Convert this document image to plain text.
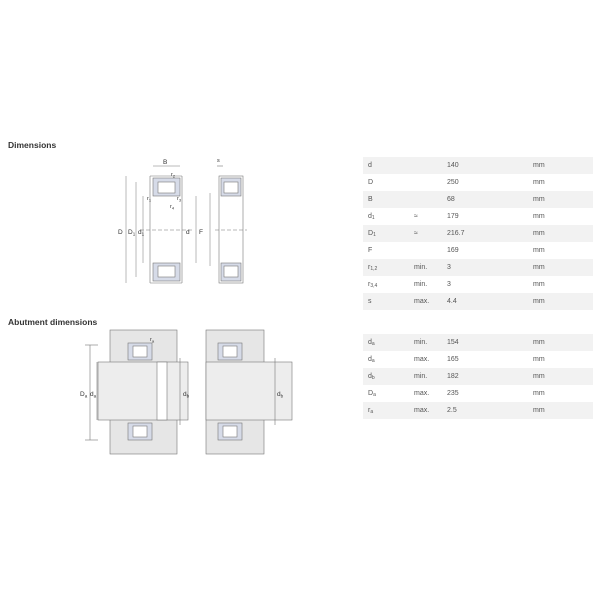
Dimensions
Abutment dimensions
B
D $D_1$ $d_1$	d F
$r_1$
$r_2$
$r_3$
$r_4$
s
$D_a$ $d_a$	$d_b$
$r_a$
$d_b$
d		140	mm
D		250	mm
B		68	mm
$d_1$	≈	179	mm
$D_1$	≈	216.7	mm
F		169	mm
$r_{1,2}$	min.	3	mm
$r_{3,4}$	min.	3	mm
s	max.	4.4	mm
$d_a$	min.	154	mm
$d_a$	max.	165	mm
$d_b$	min.	182	mm
$D_a$	max.	235	mm
$r_a$	max.	2.5	mm
